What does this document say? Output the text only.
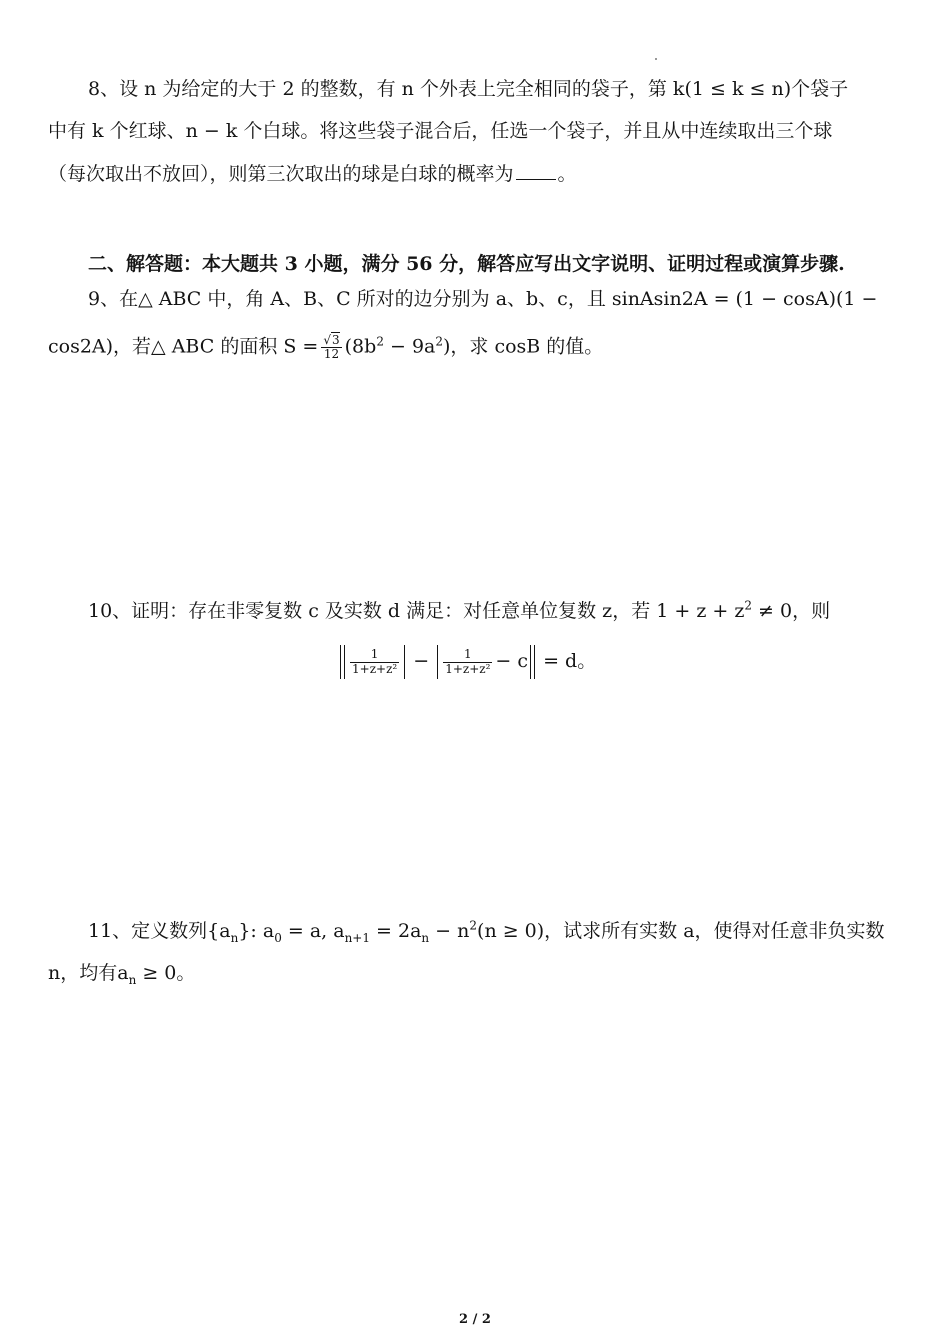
8、设 n 为给定的大于 2 的整数，有 n 个外表上完全相同的袋子，第 k(1 ≤ k ≤ n)个袋子
中有 k 个红球、n − k 个白球。将这些袋子混合后，任选一个袋子，并且从中连续取出三个球
（每次取出不放回），则第三次取出的球是白球的概率为 。
二、解答题：本大题共 3 小题，满分 56 分，解答应写出文字说明、证明过程或演算步骤.
9、在△ ABC 中，角 A、B、C 所对的边分别为 a、b、c，且 sinAsin2A = (1 − cosA)(1 −
cos2A)，若△ ABC 的面积 $S = \frac{√3}{12} (8b^2 - 9a^2)$，求 cosB 的值。
10、证明：存在非零复数 c 及实数 d 满足：对任意单位复数 z，若 $1 + z + z^2 \ne 0$，则
$\frac{1}{\text{1+z+z²}} - \frac{1}{\text{1+z+z²}} - c = d$。
11、定义数列$\{a_n\}$: $a_0 = a$, $a_{n+1} = 2a_n - n^2(n \ge 0)$，试求所有实数 a，使得对任意非负实数
n，均有$a_n \ge 0$。
2 / 2
